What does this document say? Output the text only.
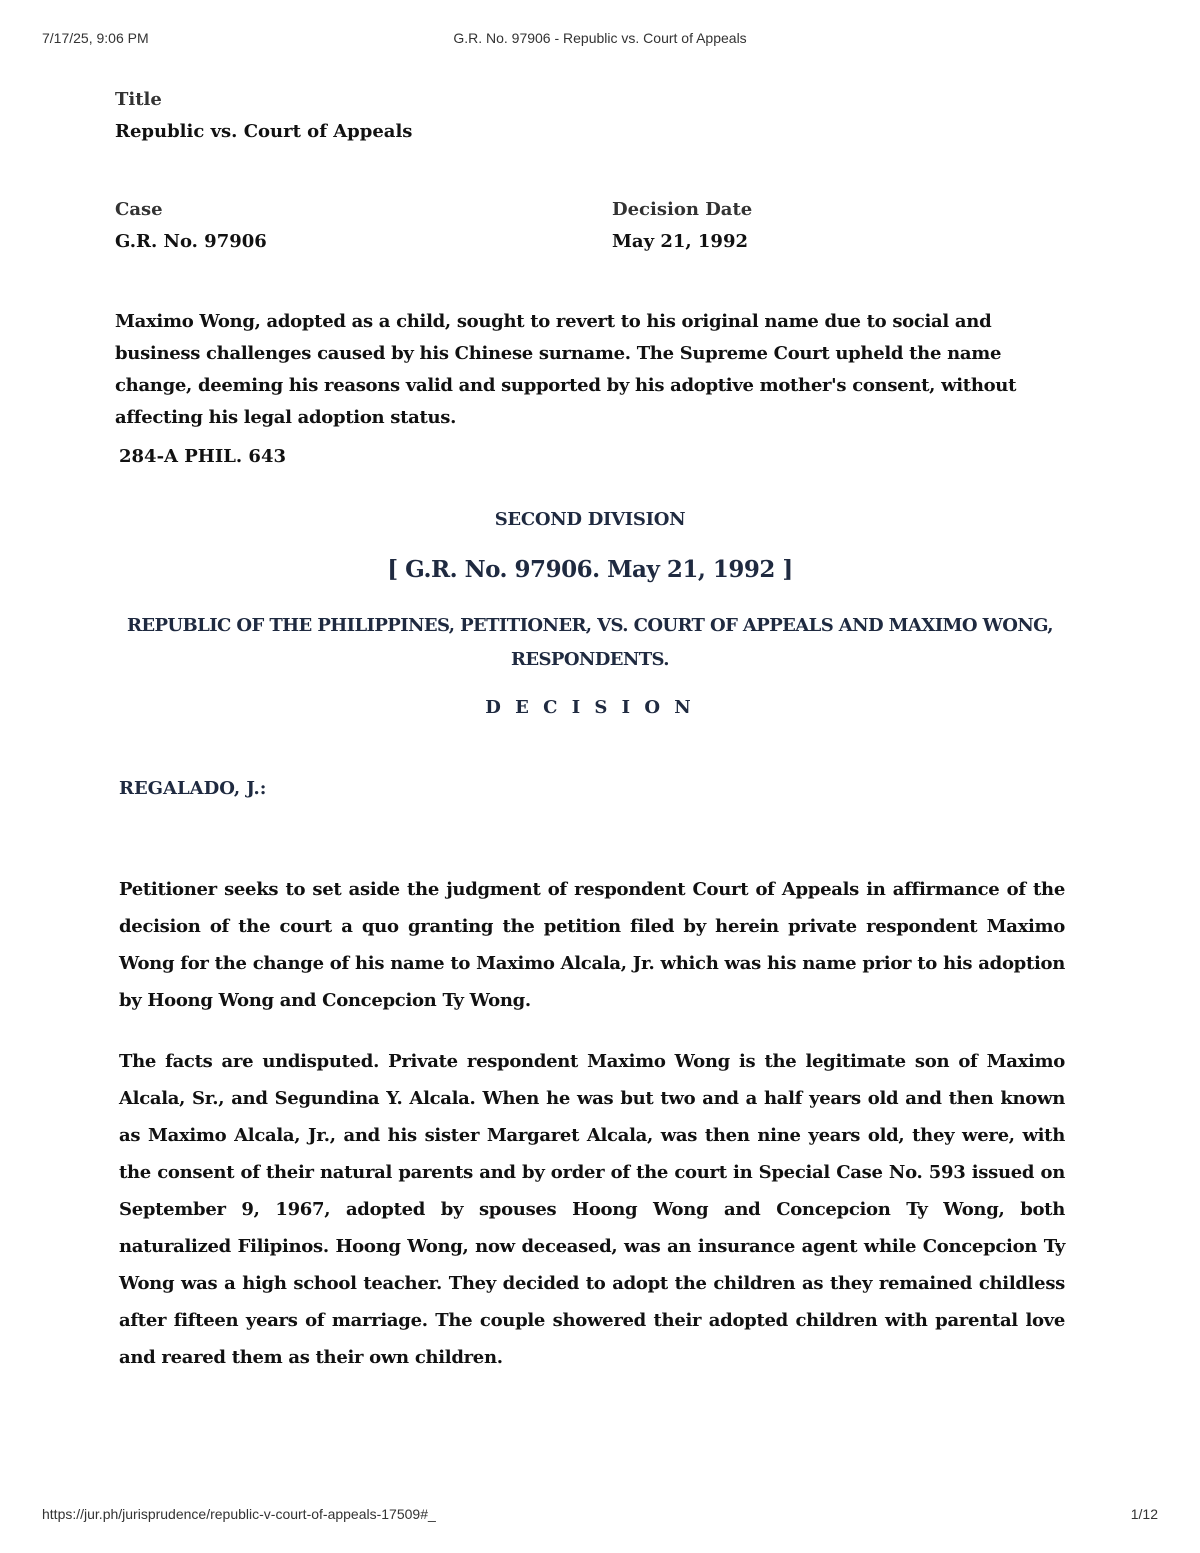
7/17/25, 9:06 PM	G.R. No. 97906 - Republic vs. Court of Appeals
Title
Republic vs. Court of Appeals
Case
G.R. No. 97906
Decision Date
May 21, 1992
Maximo Wong, adopted as a child, sought to revert to his original name due to social and business challenges caused by his Chinese surname. The Supreme Court upheld the name change, deeming his reasons valid and supported by his adoptive mother's consent, without affecting his legal adoption status.
284-A PHIL. 643
SECOND DIVISION
[ G.R. No. 97906. May 21, 1992 ]
REPUBLIC OF THE PHILIPPINES, PETITIONER, VS. COURT OF APPEALS AND MAXIMO WONG, RESPONDENTS.
D E C I S I O N
REGALADO, J.:

Petitioner seeks to set aside the judgment of respondent Court of Appeals in affirmance of the decision of the court a quo granting the petition filed by herein private respondent Maximo Wong for the change of his name to Maximo Alcala, Jr. which was his name prior to his adoption by Hoong Wong and Concepcion Ty Wong.

The facts are undisputed. Private respondent Maximo Wong is the legitimate son of Maximo Alcala, Sr., and Segundina Y. Alcala. When he was but two and a half years old and then known as Maximo Alcala, Jr., and his sister Margaret Alcala, was then nine years old, they were, with the consent of their natural parents and by order of the court in Special Case No. 593 issued on September 9, 1967, adopted by spouses Hoong Wong and Concepcion Ty Wong, both naturalized Filipinos. Hoong Wong, now deceased, was an insurance agent while Concepcion Ty Wong was a high school teacher. They decided to adopt the children as they remained childless after fifteen years of marriage. The couple showered their adopted children with parental love and reared them as their own children.

https://jur.ph/jurisprudence/republic-v-court-of-appeals-17509#_	1/12
